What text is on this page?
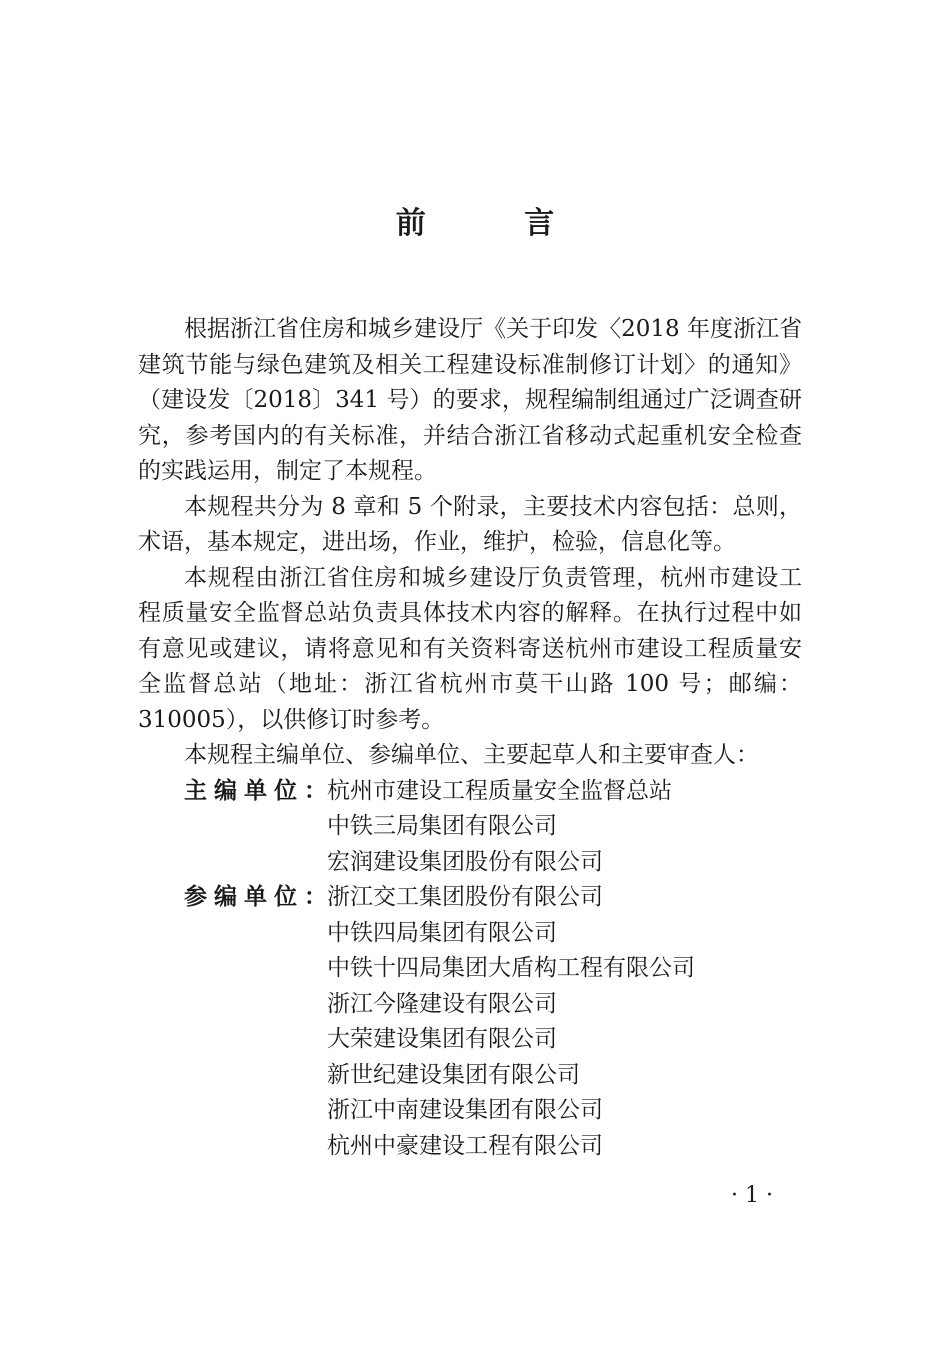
前 言

根据浙江省住房和城乡建设厅《关于印发〈2018 年度浙江省建筑节能与绿色建筑及相关工程建设标准制修订计划〉的通知》（建设发〔2018〕341 号）的要求，规程编制组通过广泛调查研究，参考国内的有关标准，并结合浙江省移动式起重机安全检查的实践运用，制定了本规程。

本规程共分为 8 章和 5 个附录，主要技术内容包括：总则，术语，基本规定，进出场，作业，维护，检验，信息化等。

本规程由浙江省住房和城乡建设厅负责管理，杭州市建设工程质量安全监督总站负责具体技术内容的解释。在执行过程中如有意见或建议，请将意见和有关资料寄送杭州市建设工程质量安全监督总站（地址：浙江省杭州市莫干山路 100 号；邮编：310005），以供修订时参考。

本规程主编单位、参编单位、主要起草人和主要审查人：

主编单位： 杭州市建设工程质量安全监督总站
中铁三局集团有限公司
宏润建设集团股份有限公司
参编单位： 浙江交工集团股份有限公司
中铁四局集团有限公司
中铁十四局集团大盾构工程有限公司
浙江今隆建设有限公司
大荣建设集团有限公司
新世纪建设集团有限公司
浙江中南建设集团有限公司
杭州中豪建设工程有限公司
· 1 ·
